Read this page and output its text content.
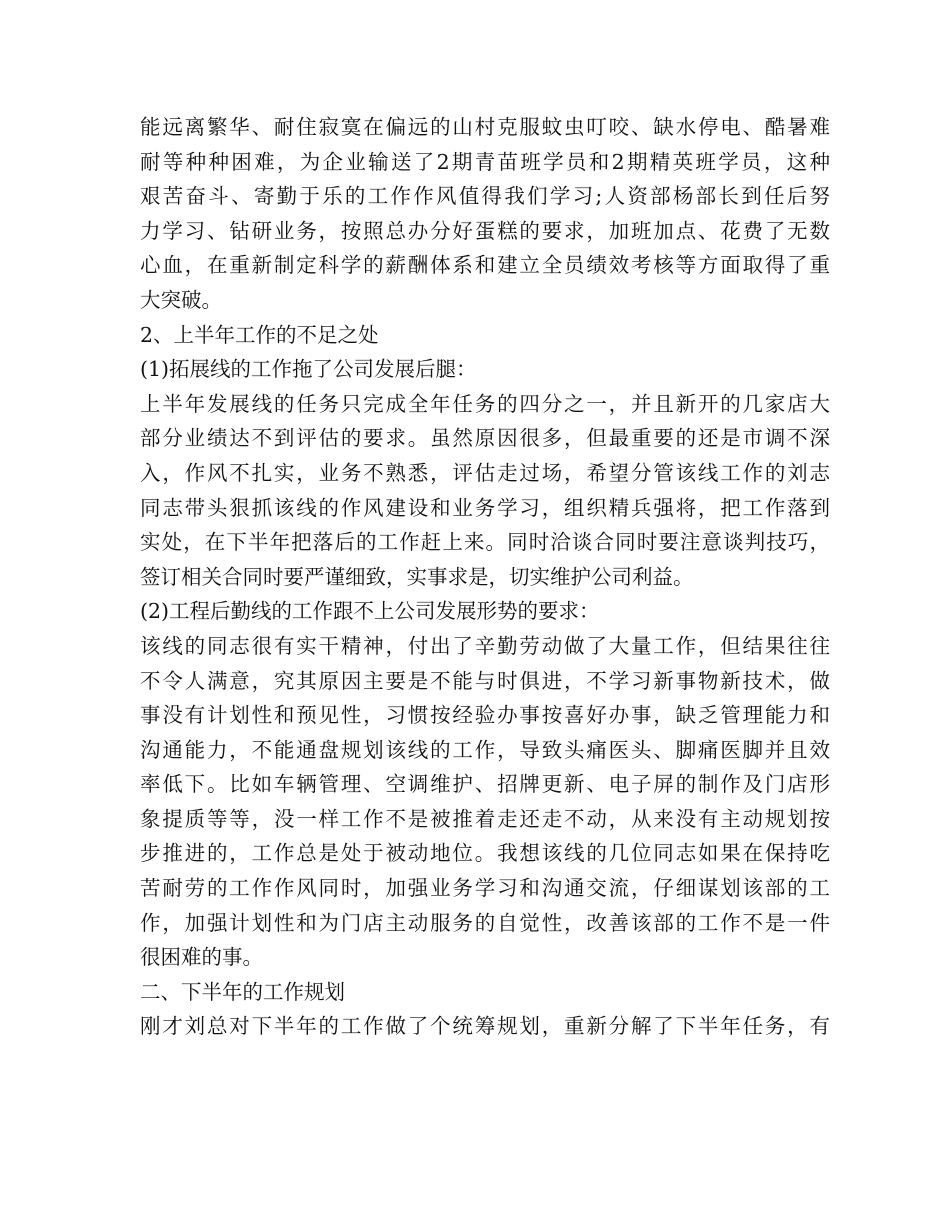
能远离繁华、耐住寂寞在偏远的山村克服蚊虫叮咬、缺水停电、酷暑难

耐等种种困难，为企业输送了2期青苗班学员和2期精英班学员，这种

艰苦奋斗、寄勤于乐的工作作风值得我们学习;人资部杨部长到任后努

力学习、钻研业务，按照总办分好蛋糕的要求，加班加点、花费了无数

心血，在重新制定科学的薪酬体系和建立全员绩效考核等方面取得了重

大突破。

2、上半年工作的不足之处

(1)拓展线的工作拖了公司发展后腿：

上半年发展线的任务只完成全年任务的四分之一，并且新开的几家店大

部分业绩达不到评估的要求。虽然原因很多，但最重要的还是市调不深

入，作风不扎实，业务不熟悉，评估走过场，希望分管该线工作的刘志

同志带头狠抓该线的作风建设和业务学习，组织精兵强将，把工作落到

实处，在下半年把落后的工作赶上来。同时洽谈合同时要注意谈判技巧，

签订相关合同时要严谨细致，实事求是，切实维护公司利益。

(2)工程后勤线的工作跟不上公司发展形势的要求：

该线的同志很有实干精神，付出了辛勤劳动做了大量工作，但结果往往

不令人满意，究其原因主要是不能与时俱进，不学习新事物新技术，做

事没有计划性和预见性，习惯按经验办事按喜好办事，缺乏管理能力和

沟通能力，不能通盘规划该线的工作，导致头痛医头、脚痛医脚并且效

率低下。比如车辆管理、空调维护、招牌更新、电子屏的制作及门店形

象提质等等，没一样工作不是被推着走还走不动，从来没有主动规划按

步推进的，工作总是处于被动地位。我想该线的几位同志如果在保持吃

苦耐劳的工作作风同时，加强业务学习和沟通交流，仔细谋划该部的工

作，加强计划性和为门店主动服务的自觉性，改善该部的工作不是一件

很困难的事。

二、下半年的工作规划

刚才刘总对下半年的工作做了个统筹规划，重新分解了下半年任务，有
